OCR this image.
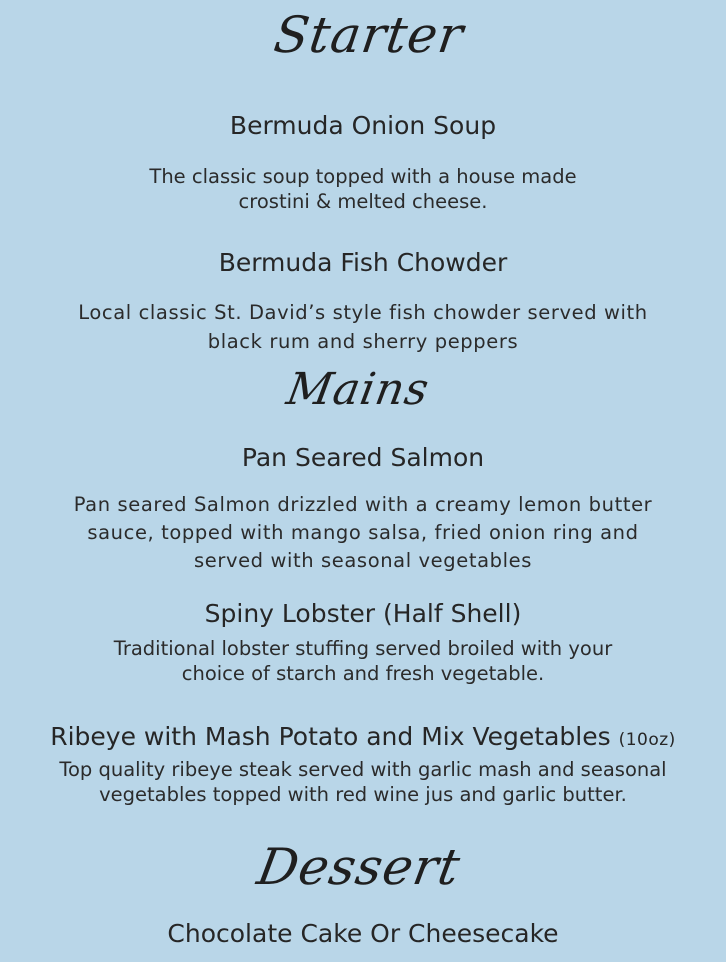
Starter
Bermuda Onion Soup
The classic soup topped with a house made
crostini & melted cheese.
Bermuda Fish Chowder
Local classic St. David’s style fish chowder served with
black rum and sherry peppers
Mains
Pan Seared Salmon
Pan seared Salmon drizzled with a creamy lemon butter
sauce, topped with mango salsa, fried onion ring and
served with seasonal vegetables
Spiny Lobster (Half Shell)
Traditional lobster stuffing served broiled with your
choice of starch and fresh vegetable.
Ribeye with Mash Potato and Mix Vegetables (10oz)
Top quality ribeye steak served with garlic mash and seasonal
vegetables topped with red wine jus and garlic butter.
Dessert
Chocolate Cake Or Cheesecake
